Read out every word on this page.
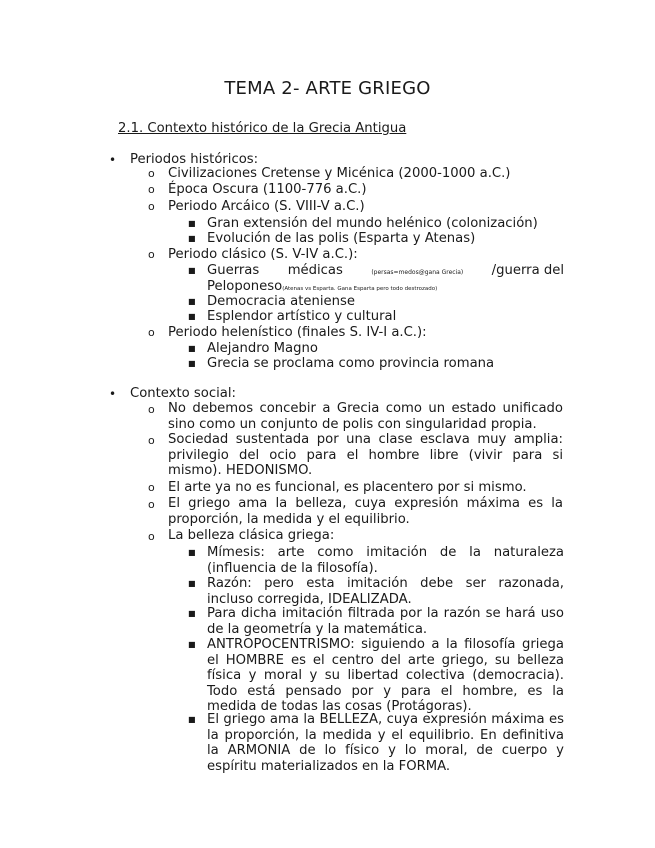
TEMA 2- ARTE GRIEGO
2.1. Contexto histórico de la Grecia Antigua
• Periodos históricos:
o Civilizaciones Cretense y Micénica (2000-1000 a.C.)
o Época Oscura (1100-776 a.C.)
o Periodo Arcáico (S. VIII-V a.C.)
■ Gran extensión del mundo helénico (colonización)
■ Evolución de las polis (Esparta y Atenas)
o Periodo clásico (S. V-IV a.C.):
■ Guerras médicas	(persas=medos@gana Grecia) /guerra del
Peloponeso(Atenas vs Esparta. Gana Esparta pero todo destrozado)
■ Democracia ateniense
■ Esplendor artístico y cultural
o Periodo helenístico (finales S. IV-I a.C.):
■ Alejandro Magno
■ Grecia se proclama como provincia romana
• Contexto social:
o No debemos concebir a Grecia como un estado unificado sino como un conjunto de polis con singularidad propia.
o Sociedad sustentada por una clase esclava muy amplia: privilegio del ocio para el hombre libre (vivir para si mismo). HEDONISMO.
o El arte ya no es funcional, es placentero por si mismo.
o El griego ama la belleza, cuya expresión máxima es la proporción, la medida y el equilibrio.
o La belleza clásica griega:
■ Mímesis: arte como imitación de la naturaleza (influencia de la filosofía).
■ Razón: pero esta imitación debe ser razonada, incluso corregida, IDEALIZADA.
■ Para dicha imitación filtrada por la razón se hará uso de la geometría y la matemática.
■ ANTROPOCENTRISMO: siguiendo a la filosofía griega el HOMBRE es el centro del arte griego, su belleza física y moral y su libertad colectiva (democracia). Todo está pensado por y para el hombre, es la medida de todas las cosas (Protágoras).
■ El griego ama la BELLEZA, cuya expresión máxima es la proporción, la medida y el equilibrio. En definitiva la ARMONIA de lo físico y lo moral, de cuerpo y espíritu materializados en la FORMA.
